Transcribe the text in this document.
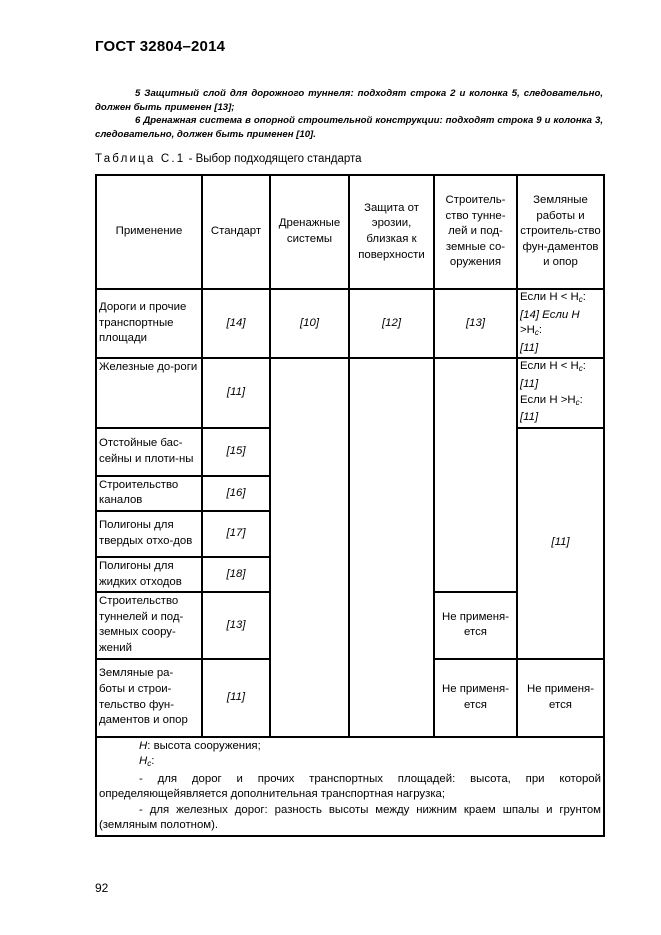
ГОСТ 32804–2014

5 Защитный слой для дорожного туннеля: подходят строка 2 и колонка 5, следовательно, должен быть применен [13];

6 Дренажная система в опорной строительной конструкции: подходят строка 9 и колонка 3, следовательно, должен быть применен [10].

Таблица С.1 - Выбор подходящего стандарта
Применение	Стандарт	Дренажные системы	Защита от эрозии, близкая к поверхности	Строитель-ство тунне-лей и под-земные со-оружения	Земляные работы и строитель-ство фун-даментов и опор
Дороги и прочие транспортные площади	[14]	[10]	[12]	[13]	Если $H < H_c$:
[14] Если H
$>H_c$:
[11]

Железные до-роги	[11]				Если $H < H_c$:
[11]
Если $H >H_c$:
[11]

Отстойные бас-сейны и плоти-ны	[15]				[11]
Строительство каналов	[16]				
Полигоны для твердых отхо-дов	[17]				
Полигоны для жидких отходов	[18]				
Строительство туннелей и под-земных соору-жений	[13]			Не применя-ется	
Земляные ра-боты и строи-тельство фун-даментов и опор	[11]			Не применя-ется	Не применя-ется

H: высота сооружения;

$H_c$:

- для дорог и прочих транспортных площадей: высота, при которой определяющейявляется дополнительная транспортная нагрузка;

- для железных дорог: разность высоты между нижним краем шпалы и грунтом (земляным полотном).					

92
